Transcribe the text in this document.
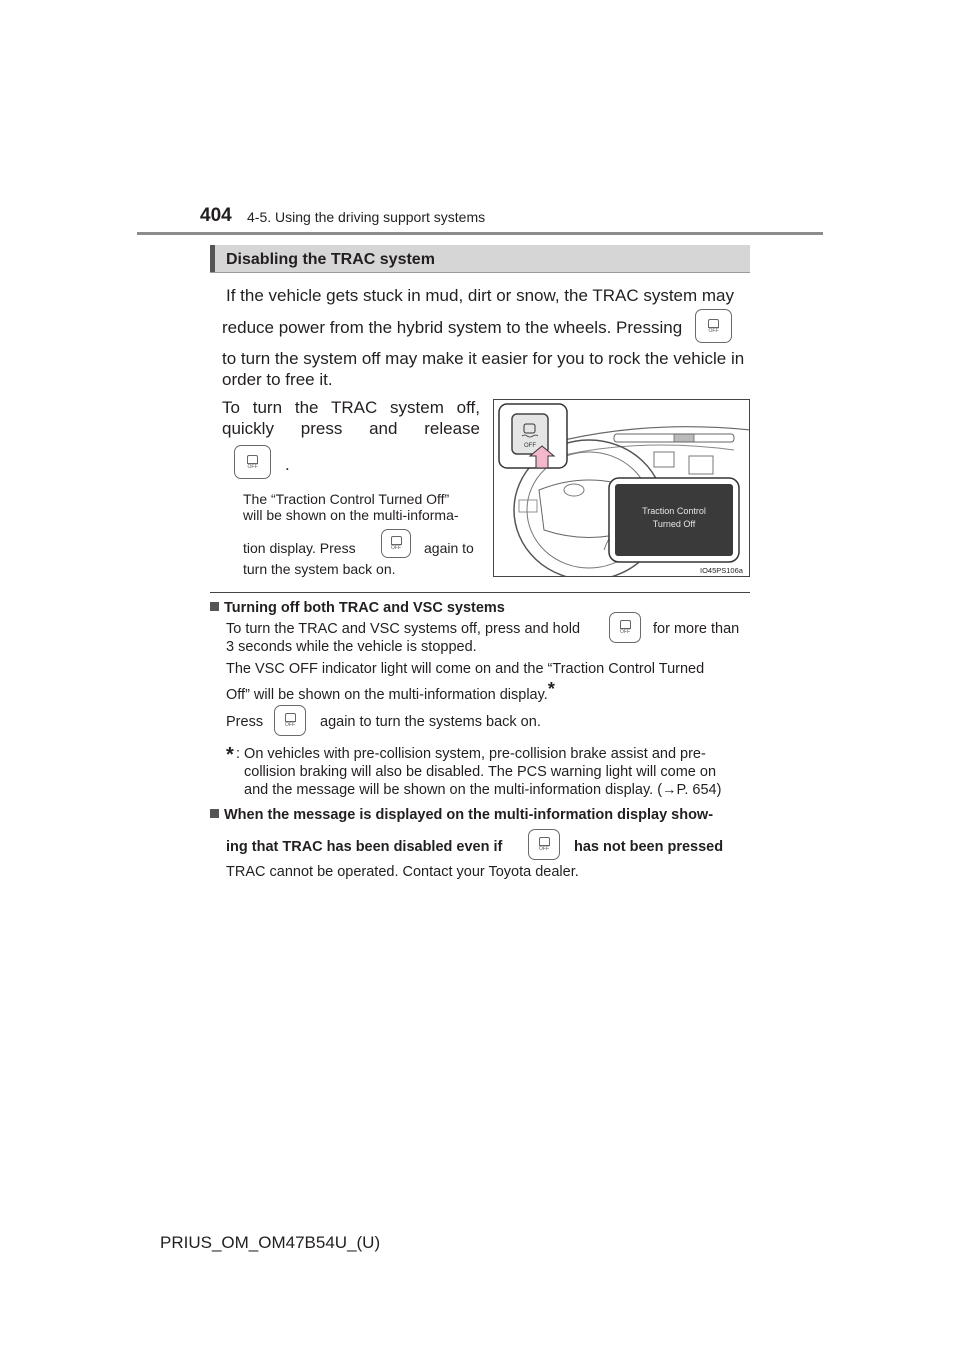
404 4-5. Using the driving support systems
Disabling the TRAC system
If the vehicle gets stuck in mud, dirt or snow, the TRAC system may
reduce power from the hybrid system to the wheels. Pressing	OFF
to turn the system off may make it easier for you to rock the vehicle in
order to free it.
To turn the TRAC system off,
quickly press and release
OFF .
The “Traction Control Turned Off”
will be shown on the multi-informa-
tion display. Press	OFF again to
turn the system back on.
OFF
Traction Control
Turned Off
IO45PS106a
Turning off both TRAC and VSC systems
To turn the TRAC and VSC systems off, press and hold	OFF for more than
3 seconds while the vehicle is stopped.
The VSC OFF indicator light will come on and the “Traction Control Turned
Off” will be shown on the multi-information display.*
Press	OFF again to turn the systems back on.
* : On vehicles with pre-collision system, pre-collision brake assist and pre-
collision braking will also be disabled. The PCS warning light will come on
and the message will be shown on the multi-information display. (→P. 654)
When the message is displayed on the multi-information display show-
ing that TRAC has been disabled even if	OFF has not been pressed
TRAC cannot be operated. Contact your Toyota dealer.
PRIUS_OM_OM47B54U_(U)
